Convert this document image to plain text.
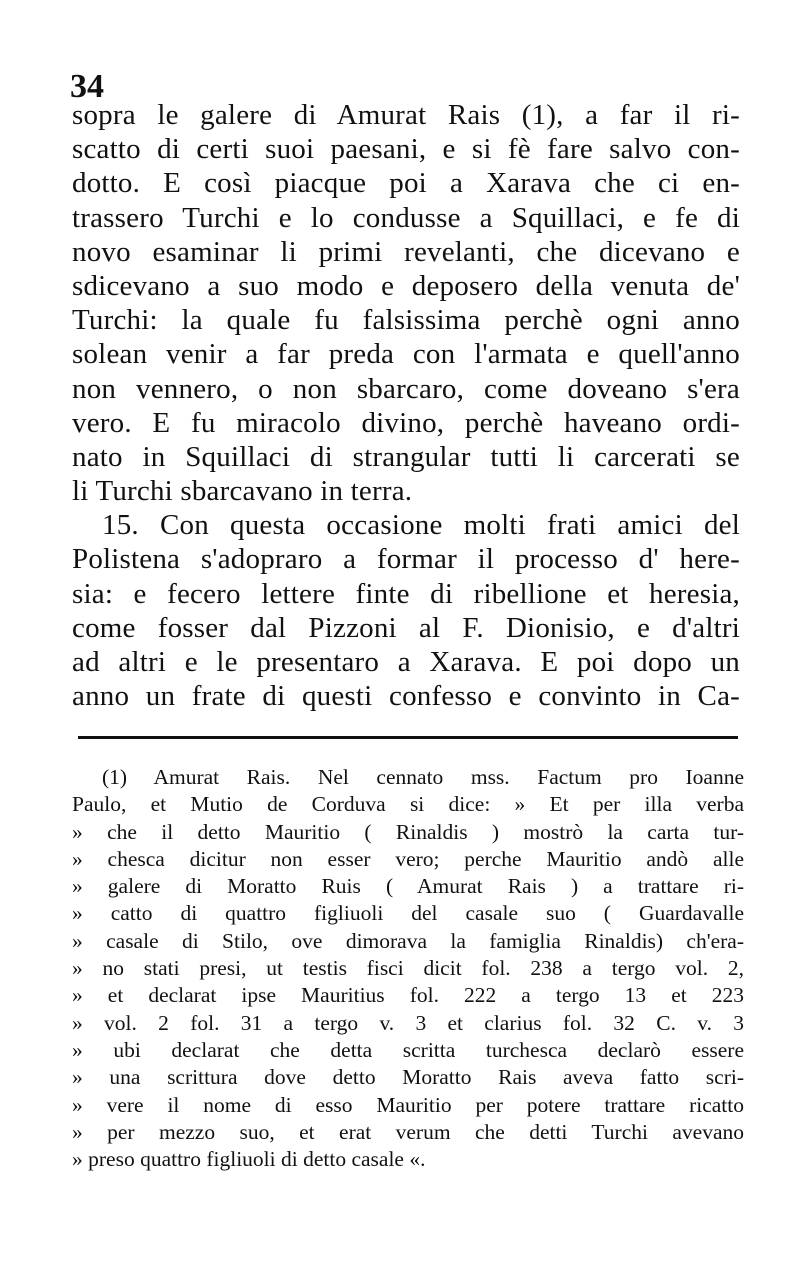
34
sopra le galere di Amurat Rais (1), a far il ri-
scatto di certi suoi paesani, e si fè fare salvo con-
dotto. E così piacque poi a Xarava che ci en-
trassero Turchi e lo condusse a Squillaci, e fe di
novo esaminar li primi revelanti, che dicevano e
sdicevano a suo modo e deposero della venuta de'
Turchi: la quale fu falsissima perchè ogni anno
solean venir a far preda con l'armata e quell'anno
non vennero, o non sbarcaro, come doveano s'era
vero. E fu miracolo divino, perchè haveano ordi-
nato in Squillaci di strangular tutti li carcerati se
li Turchi sbarcavano in terra.
15. Con questa occasione molti frati amici del
Polistena s'adopraro a formar il processo d' here-
sia: e fecero lettere finte di ribellione et heresia,
come fosser dal Pizzoni al F. Dionisio, e d'altri
ad altri e le presentaro a Xarava. E poi dopo un
anno un frate di questi confesso e convinto in Ca-
(1) Amurat Rais. Nel cennato mss. Factum pro Ioanne
Paulo, et Mutio de Corduva si dice: » Et per illa verba
» che il detto Mauritio ( Rinaldis ) mostrò la carta tur-
» chesca dicitur non esser vero; perche Mauritio andò alle
» galere di Moratto Ruis ( Amurat Rais ) a trattare ri-
» catto di quattro figliuoli del casale suo ( Guardavalle
» casale di Stilo, ove dimorava la famiglia Rinaldis) ch'era-
» no stati presi, ut testis fisci dicit fol. 238 a tergo vol. 2,
» et declarat ipse Mauritius fol. 222 a tergo 13 et 223
» vol. 2 fol. 31 a tergo v. 3 et clarius fol. 32 C. v. 3
» ubi declarat che detta scritta turchesca declarò essere
» una scrittura dove detto Moratto Rais aveva fatto scri-
» vere il nome di esso Mauritio per potere trattare ricatto
» per mezzo suo, et erat verum che detti Turchi avevano
» preso quattro figliuoli di detto casale «.
